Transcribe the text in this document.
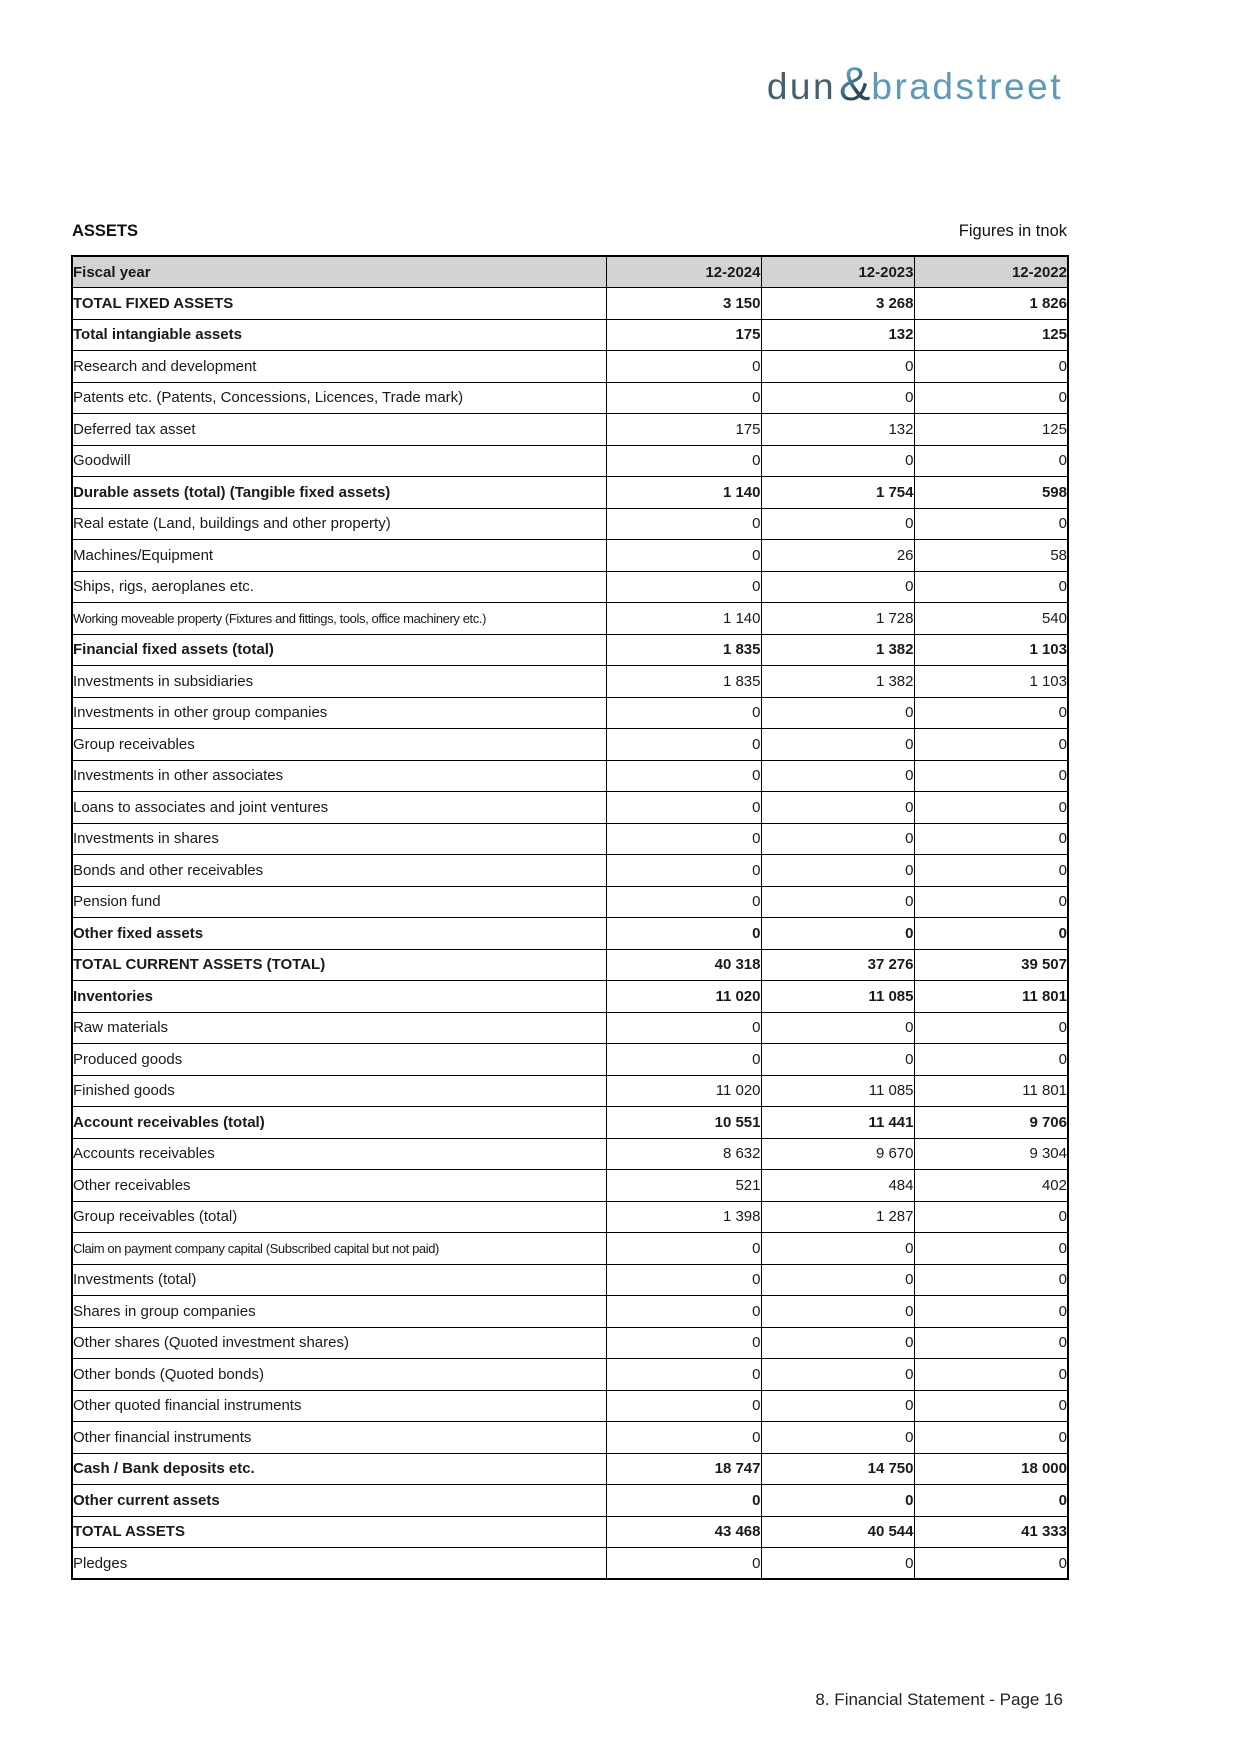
dun & bradstreet
ASSETS	Figures in tnok
Fiscal year	12-2024	12-2023	12-2022
TOTAL FIXED ASSETS	3 150	3 268	1 826
Total intangiable assets	175	132	125
Research and development	0	0	0
Patents etc. (Patents, Concessions, Licences, Trade mark)	0	0	0
Deferred tax asset	175	132	125
Goodwill	0	0	0
Durable assets (total) (Tangible fixed assets)	1 140	1 754	598
Real estate (Land, buildings and other property)	0	0	0
Machines/Equipment	0	26	58
Ships, rigs, aeroplanes etc.	0	0	0
Working moveable property (Fixtures and fittings, tools, office machinery etc.)	1 140	1 728	540
Financial fixed assets (total)	1 835	1 382	1 103
Investments in subsidiaries	1 835	1 382	1 103
Investments in other group companies	0	0	0
Group receivables	0	0	0
Investments in other associates	0	0	0
Loans to associates and joint ventures	0	0	0
Investments in shares	0	0	0
Bonds and other receivables	0	0	0
Pension fund	0	0	0
Other fixed assets	0	0	0
TOTAL CURRENT ASSETS (TOTAL)	40 318	37 276	39 507
Inventories	11 020	11 085	11 801
Raw materials	0	0	0
Produced goods	0	0	0
Finished goods	11 020	11 085	11 801
Account receivables (total)	10 551	11 441	9 706
Accounts receivables	8 632	9 670	9 304
Other receivables	521	484	402
Group receivables (total)	1 398	1 287	0
Claim on payment company capital (Subscribed capital but not paid)	0	0	0
Investments (total)	0	0	0
Shares in group companies	0	0	0
Other shares (Quoted investment shares)	0	0	0
Other bonds (Quoted bonds)	0	0	0
Other quoted financial instruments	0	0	0
Other financial instruments	0	0	0
Cash / Bank deposits etc.	18 747	14 750	18 000
Other current assets	0	0	0
TOTAL ASSETS	43 468	40 544	41 333
Pledges	0	0	0
8. Financial Statement - Page 16
